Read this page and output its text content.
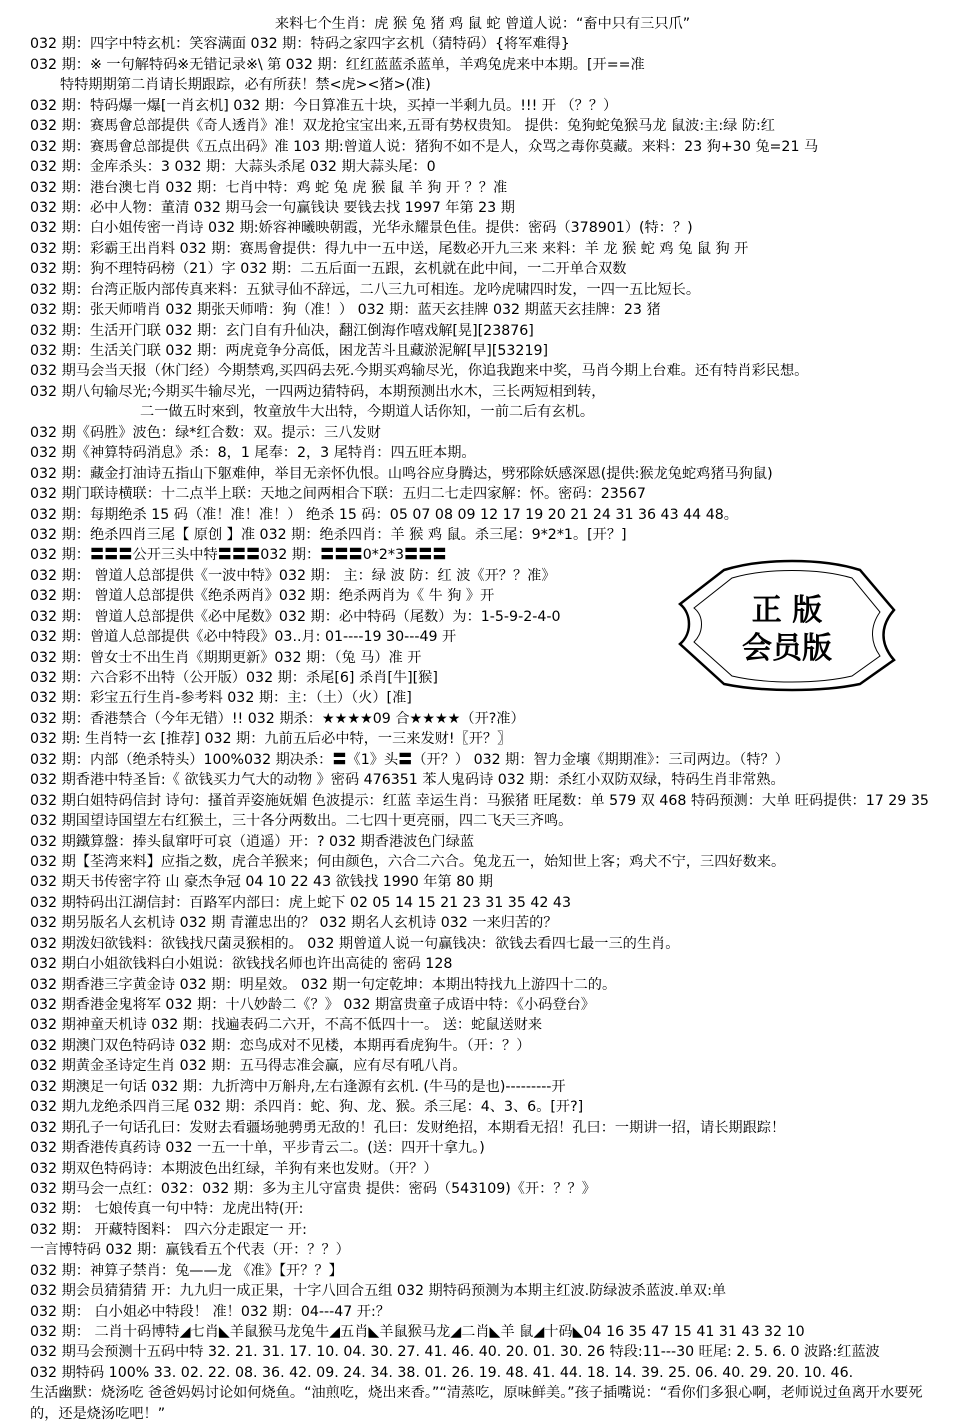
来料七个生肖：虎 猴 兔 猪 鸡 鼠 蛇 曾道人说：“畜中只有三只爪”
032 期：四字中特玄机：笑容满面 032 期：特码之家四字玄机（猜特码）{将军难得}
032 期：※ 一句解特码※无错记录※\ 第 032 期：红红蓝蓝杀蓝单，羊鸡兔虎来中本期。[开==准
特特期期第二肖请长期跟踪，必有所获！禁<虎><猪>(准)
032 期：特码爆一爆[一肖玄机] 032 期：今日算准五十块，买掉一半剩九员。!!! 开 （？？）
032 期：赛馬會总部提供《奇人透肖》准！双龙抢宝宝出来,五哥有势权贵知。 提供：兔狗蛇兔猴马龙 鼠波:主:绿 防:红
032 期：赛馬會总部提供《五点出码》准 103 期:曾道人说：猪狗不如不是人，众骂之毒你莫藏。来料：23 狗+30 兔=21 马
032 期：金库杀头：3 032 期：大蒜头杀尾 032 期大蒜头尾：0
032 期：港台澳七肖 032 期：七肖中特：鸡 蛇 兔 虎 猴 鼠 羊 狗 开 ？？准
032 期：必中人物：董清 032 期马会一句赢钱诀 要钱去找 1997 年第 23 期
032 期：白小姐传密一肖诗 032 期:娇容神曦映朝霞，光华永耀景色佳。提供：密码（378901）(特：？)
032 期：彩霸王出肖料 032 期：赛馬會提供：得九中一五中送，尾数必开九三来 来料：羊 龙 猴 蛇 鸡 兔 鼠 狗 开
032 期：狗不理特码榜（21）字 032 期：二五后面一五跟，玄机就在此中间，一二开单合双数
032 期：台湾正版内部传真来料：五狱寻仙不辞远，二八三九可相连。龙吟虎啸四时发，一四一五比短长。
032 期：张天师啃肖 032 期张天师啃：狗（准！） 032 期：蓝天玄挂牌 032 期蓝天玄挂牌：23 猪
032 期：生活开门联 032 期：玄门自有升仙决，翻江倒海作嘻戏解[晃][23876]
032 期：生活关门联 032 期：两虎竟争分高低，困龙苦斗且藏淤泥解[早][53219]
032 期马会当天报（休门经）今期禁鸡,买四码去死.今期买鸡输尽光，你追我跑来中奖，马肖今期上台难。还有特肖彩民想。
032 期八句输尽光;今期买牛输尽光，一四两边猜特码，本期预测出水木，三长两短相到转，
二一做五时來到，牧童放牛大出特，今期道人话你知，一前二后有玄机。
032 期《码胜》波色：绿*红合数：双。提示：三八发财
032 期《神算特码消息》杀：8，1 尾奉：2，3 尾特肖：四五旺本期。
032 期：藏金打油诗五指山下躯难伸，举目无亲怀仇恨。山鸣谷应身腾达，劈邪除妖感深恩(提供:猴龙兔蛇鸡猪马狗鼠)
032 期门联诗横联：十二点半上联：天地之间两相合下联：五归二七走四家解：怀。密码：23567
032 期：每期绝杀 15 码（准！准！准！） 绝杀 15 码：05 07 08 09 12 17 19 20 21 24 31 36 43 44 48。
032 期：绝杀四肖三尾【 原创 】准 032 期：绝杀四肖：羊 猴 鸡 鼠。杀三尾：9*2*1。[开？]
032 期：〓〓〓公开三头中特〓〓〓032 期：〓〓〓0*2*3〓〓〓
032 期： 曾道人总部提供《一波中特》032 期： 主：绿 波 防：红 波《开？？准》
032 期： 曾道人总部提供《绝杀两肖》032 期：绝杀两肖为《 牛 狗 》开
032 期： 曾道人总部提供《必中尾数》032 期：必中特码（尾数）为：1-5-9-2-4-0
032 期：曾道人总部提供《必中特段》03..月: 01----19 30---49 开
032 期：曾女士不出生肖《期期更新》032 期：（兔 马）准 开
032 期：六合彩不出特（公开版）032 期：杀尾[6] 杀肖[牛][猴]
032 期：彩宝五行生肖-参考料 032 期：主：（土）（火）[准]
032 期：香港禁合（今年无错）!! 032 期杀：★★★★09 合★★★★（开?准）
032 期: 生肖特一玄 [推荐] 032 期：九前五后必中特，一三来发财!〖开？〗
032 期：内部（绝杀特头）100%032 期决杀：〓《1》头〓（开？） 032 期：智力金壤《期期准》：三司两边。（特？）
032 期香港中特圣旨:《 欲钱买力气大的动物 》密码 476351 苯人鬼码诗 032 期：杀红小双防双绿，特码生肖非常熟。
032 期白姐特码信封 诗句：搔首弄姿施妩媚 色波提示：红蓝 幸运生肖：马猴猪 旺尾数：单 579 双 468 特码预测：大单 旺码提供：17 29 35
032 期国望诗国望左右红猴土，三十各分两数出。二七四十更亮丽，四二飞天三齐鸣。
032 期鐵算盤：捧头鼠窜吁可哀（逍遥）开：? 032 期香港波色门绿蓝
032 期【荃湾来料】应指之数，虎合羊猴来；何由颜色，六合二六合。兔龙五一，始知世上客；鸡犬不宁，三四好数来。
032 期天书传密字符 山 豪杰争冠 04 10 22 43 欲钱找 1990 年第 80 期
032 期特码出江湖信封：百路军内部曰：虎上蛇下 02 05 14 15 21 23 31 35 42 43
032 期另版名人玄机诗 032 期 青灌忠出的？ 032 期名人玄机诗 032 一来归苦的？
032 期泼妇欲钱料：欲钱找尺菌灵猴相的。 032 期曾道人说一句赢钱决：欲钱去看四七最一三的生肖。
032 期白小姐欲钱料白小姐说：欲钱找名师也许出高徒的 密码 128
032 期香港三字黄金诗 032 期：明星效。 032 期一句定乾坤：本期出特找九上游四十二的。
032 期香港金鬼将军 032 期：十八妙龄二《？》 032 期富贵童子成语中特：《小码登台》
032 期神童天机诗 032 期：找遍表码二六开，不高不低四十一。 送：蛇鼠送财来
032 期澳门双色特码诗 032 期：恋鸟成对不见楼，本期再看虎狗牛。（开：？）
032 期黄金圣诗定生肖 032 期：五马得志准会赢，应有尽有吼八肖。
032 期澳足一句话 032 期：九折湾中万斛舟,左右逢源有玄机. (牛马的是也)---------开
032 期九龙绝杀四肖三尾 032 期：杀四肖：蛇、狗、龙、猴。杀三尾：4、3、6。[开?]
032 期孔子一句话孔曰：发财去看疆场驰骋勇无敌的！孔曰：发财绝招，本期看无招！孔曰：一期讲一招，请长期跟踪！
032 期香港传真药诗 032 一五一十单，平步青云二。(送：四开十拿九。)
032 期双色特码诗：本期波色出红绿，羊狗有来也发财。（开？）
032 期马会一点红：032：032 期：多为主儿守富贵 提供：密码（543109)《开：？？》
032 期： 七娘传真一句中特：龙虎出特(开:
032 期： 开藏特图料： 四六分走跟定一 开:
一言博特码 032 期：赢钱看五个代表（开：？？）
032 期：神算子禁肖：兔——龙 《准》【开？？】
032 期会员猜猜猜 开：九九归一成正果，十字八回合五组 032 期特码预测为本期主红波.防绿波杀蓝波.单双:单
032 期： 白小姐必中特段！ 准！032 期：04---47 开:？
032 期： 二肖十码博特◢七肖◣羊鼠猴马龙兔牛◢五肖◣羊鼠猴马龙◢二肖◣羊 鼠◢十码◣04 16 35 47 15 41 31 43 32 10
032 期马会预测十五码中特 32. 21. 31. 17. 10. 04. 30. 27. 41. 46. 40. 20. 01. 30. 26 特段:11---30 旺尾: 2. 5. 6. 0 波路:红蓝波
032 期特码 100% 33. 02. 22. 08. 36. 42. 09. 24. 34. 38. 01. 26. 19. 48. 41. 44. 18. 14. 39. 25. 06. 40. 29. 20. 10. 46.
生活幽默：烧汤吃 爸爸妈妈讨论如何烧鱼。“油煎吃，烧出来香。”“清蒸吃，原味鲜美。”孩子插嘴说：“看你们多狠心啊，老师说过鱼离开水要死的，还是烧汤吃吧！”
正 版
会员版
